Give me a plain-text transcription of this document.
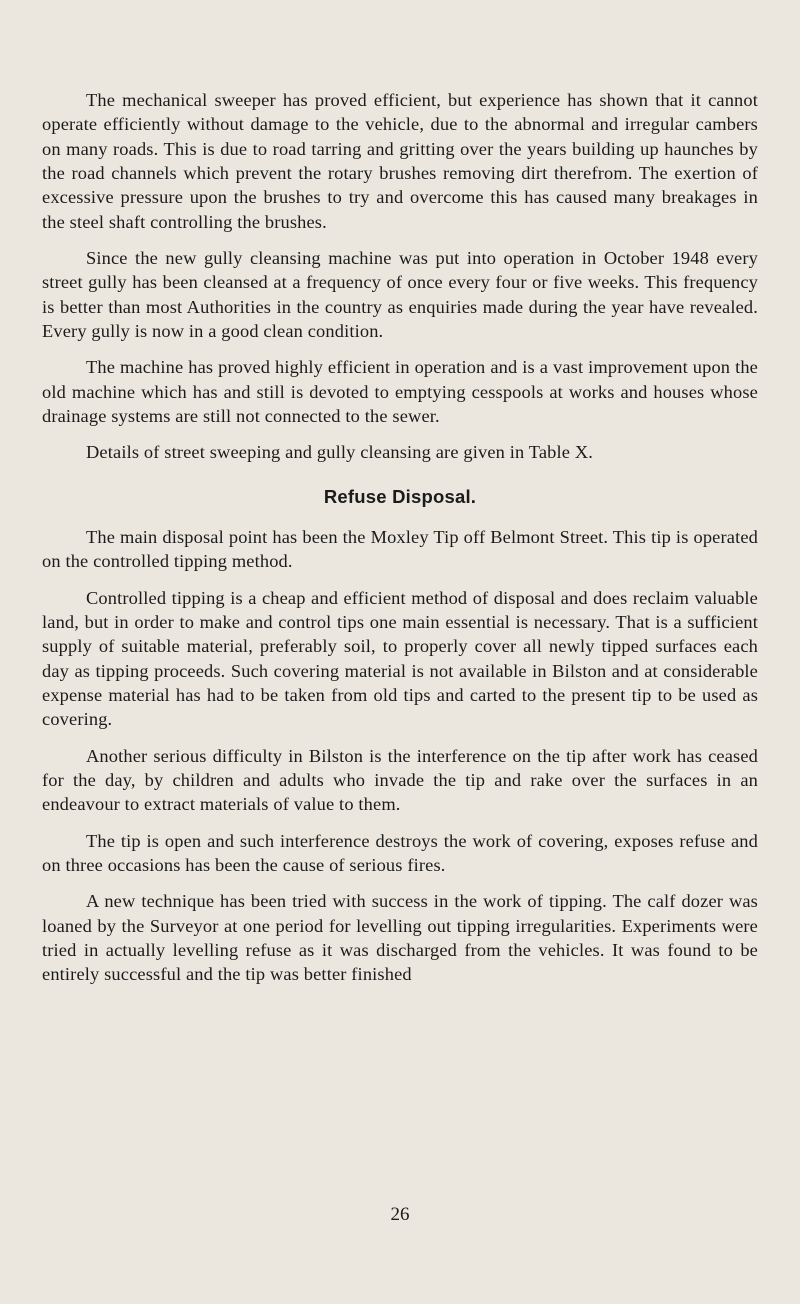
The mechanical sweeper has proved efficient, but experience has shown that it cannot operate efficiently without damage to the vehicle, due to the abnormal and irregular cambers on many roads. This is due to road tarring and gritting over the years building up haunches by the road channels which prevent the rotary brushes removing dirt therefrom. The exertion of excessive pressure upon the brushes to try and overcome this has caused many breakages in the steel shaft controlling the brushes.

Since the new gully cleansing machine was put into operation in October 1948 every street gully has been cleansed at a frequency of once every four or five weeks. This frequency is better than most Authorities in the country as enquiries made during the year have revealed. Every gully is now in a good clean condition.

The machine has proved highly efficient in operation and is a vast improvement upon the old machine which has and still is devoted to emptying cesspools at works and houses whose drainage systems are still not connected to the sewer.

Details of street sweeping and gully cleansing are given in Table X.

Refuse Disposal.

The main disposal point has been the Moxley Tip off Belmont Street. This tip is operated on the controlled tipping method.

Controlled tipping is a cheap and efficient method of disposal and does reclaim valuable land, but in order to make and control tips one main essential is necessary. That is a sufficient supply of suitable material, preferably soil, to properly cover all newly tipped surfaces each day as tipping proceeds. Such covering material is not available in Bilston and at considerable expense material has had to be taken from old tips and carted to the present tip to be used as covering.

Another serious difficulty in Bilston is the interference on the tip after work has ceased for the day, by children and adults who invade the tip and rake over the surfaces in an endeavour to extract materials of value to them.

The tip is open and such interference destroys the work of covering, exposes refuse and on three occasions has been the cause of serious fires.

A new technique has been tried with success in the work of tipping. The calf dozer was loaned by the Surveyor at one period for levelling out tipping irregularities. Experiments were tried in actually levelling refuse as it was discharged from the vehicles. It was found to be entirely successful and the tip was better finished

26
